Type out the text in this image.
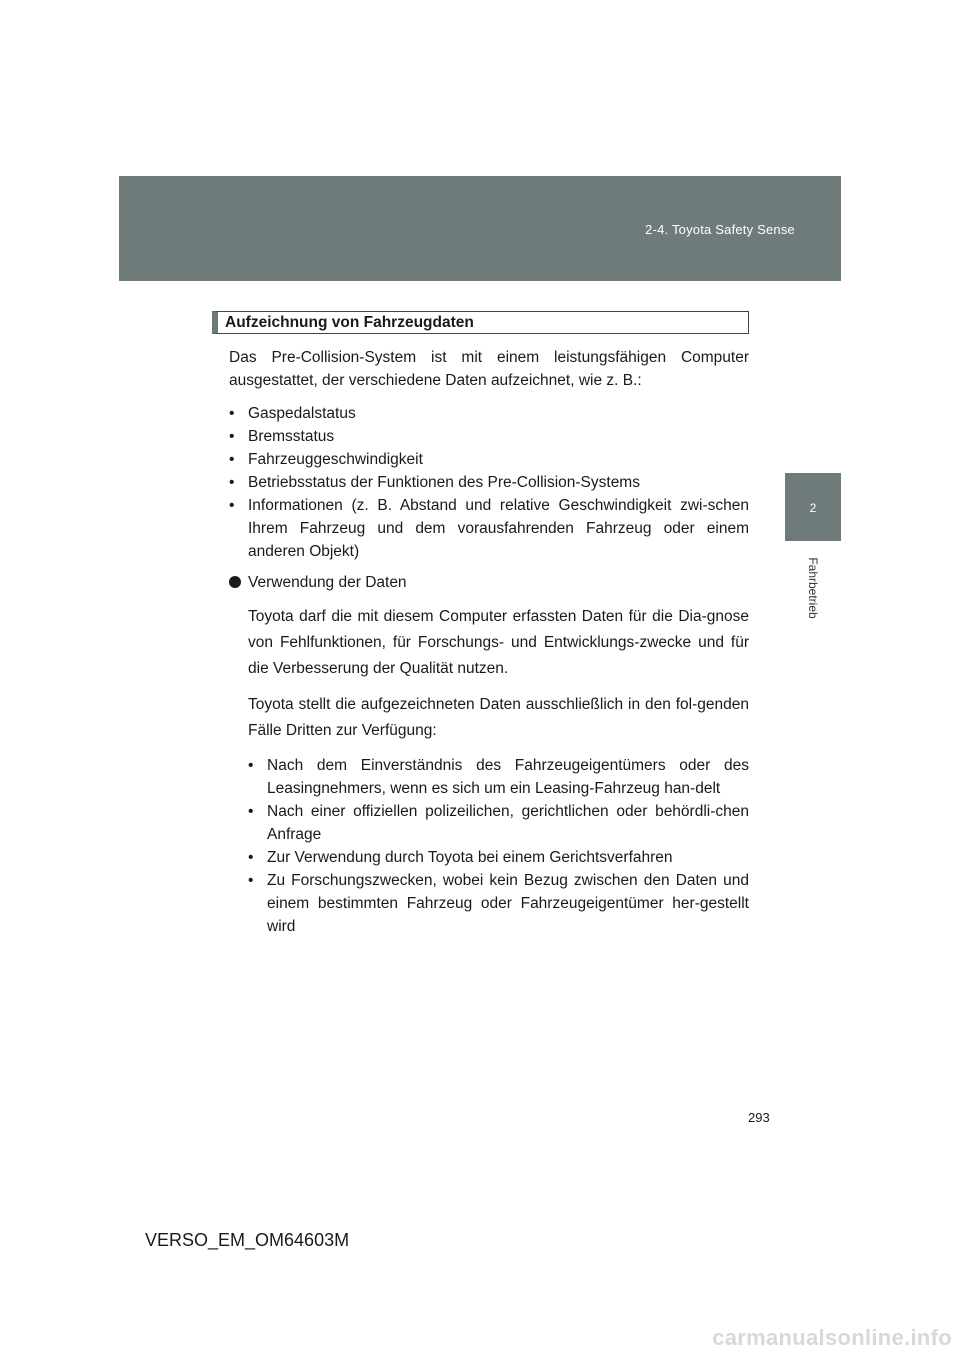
2-4. Toyota Safety Sense
2
Fahrbetrieb
Aufzeichnung von Fahrzeugdaten
Das Pre-Collision-System ist mit einem leistungsfähigen Computer ausgestattet, der verschiedene Daten aufzeichnet, wie z. B.:
• Gaspedalstatus
• Bremsstatus
• Fahrzeuggeschwindigkeit
• Betriebsstatus der Funktionen des Pre-Collision-Systems
• Informationen (z. B. Abstand und relative Geschwindigkeit zwi-schen Ihrem Fahrzeug und dem vorausfahrenden Fahrzeug oder einem anderen Objekt)
Verwendung der Daten
Toyota darf die mit diesem Computer erfassten Daten für die Dia-gnose von Fehlfunktionen, für Forschungs- und Entwicklungs-zwecke und für die Verbesserung der Qualität nutzen.
Toyota stellt die aufgezeichneten Daten ausschließlich in den fol-genden Fälle Dritten zur Verfügung:
• Nach dem Einverständnis des Fahrzeugeigentümers oder des Leasingnehmers, wenn es sich um ein Leasing-Fahrzeug han-delt
• Nach einer offiziellen polizeilichen, gerichtlichen oder behördli-chen Anfrage
• Zur Verwendung durch Toyota bei einem Gerichtsverfahren
• Zu Forschungszwecken, wobei kein Bezug zwischen den Daten und einem bestimmten Fahrzeug oder Fahrzeugeigentümer her-gestellt wird
293
VERSO_EM_OM64603M
carmanualsonline.info
